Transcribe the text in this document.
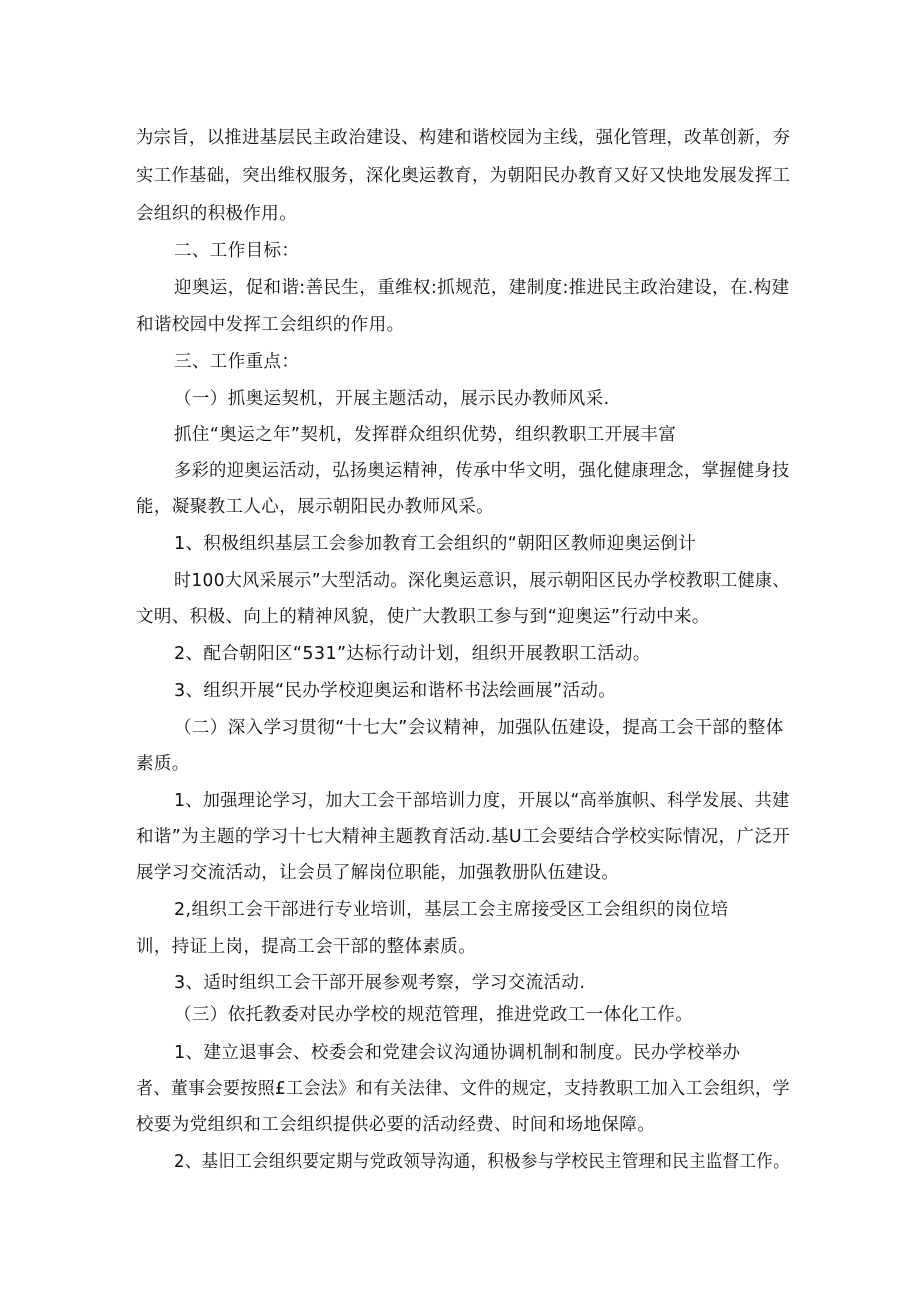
为宗旨，以推进基层民主政治建设、构建和谐校园为主线，强化管理，改革创新，夯
实工作基础，突出维权服务，深化奥运教育，为朝阳民办教育又好又快地发展发挥工
会组织的积极作用。
二、工作目标：
迎奥运，促和谐:善民生，重维权:抓规范，建制度:推进民主政治建设，在.构建
和谐校园中发挥工会组织的作用。
三、工作重点：
（一）抓奥运契机，开展主题活动，展示民办教师风采.
抓住“奥运之年”契机，发挥群众组织优势，组织教职工开展丰富
多彩的迎奥运活动，弘扬奥运精神，传承中华文明，强化健康理念，掌握健身技
能，凝聚教工人心，展示朝阳民办教师风采。
1、积极组织基层工会参加教育工会组织的“朝阳区教师迎奥运倒计
时100大风采展示”大型活动。深化奥运意识，展示朝阳区民办学校教职工健康、
文明、积极、向上的精神风貌，使广大教职工参与到“迎奥运”行动中来。
2、配合朝阳区“531”达标行动计划，组织开展教职工活动。
3、组织开展“民办学校迎奥运和谐杯书法绘画展”活动。
（二）深入学习贯彻“十七大”会议精神，加强队伍建设，提高工会干部的整体
素质。
1、加强理论学习，加大工会干部培训力度，开展以“高举旗帜、科学发展、共建
和谐”为主题的学习十七大精神主题教育活动.基U工会要结合学校实际情况，广泛开
展学习交流活动，让会员了解岗位职能，加强教册队伍建设。
2,组织工会干部进行专业培训，基层工会主席接受区工会组织的岗位培
训，持证上岗，提高工会干部的整体素质。
3、适时组织工会干部开展参观考察，学习交流活动.
（三）依托教委对民办学校的规范管理，推进党政工一体化工作。
1、建立退事会、校委会和党建会议沟通协调机制和制度。民办学校举办
者、董事会要按照£工会法》和有关法律、文件的规定，支持教职工加入工会组织，学
校要为党组织和工会组织提供必要的活动经费、时间和场地保障。
2、基旧工会组织要定期与党政领导沟通，积极参与学校民主管理和民主监督工作。
